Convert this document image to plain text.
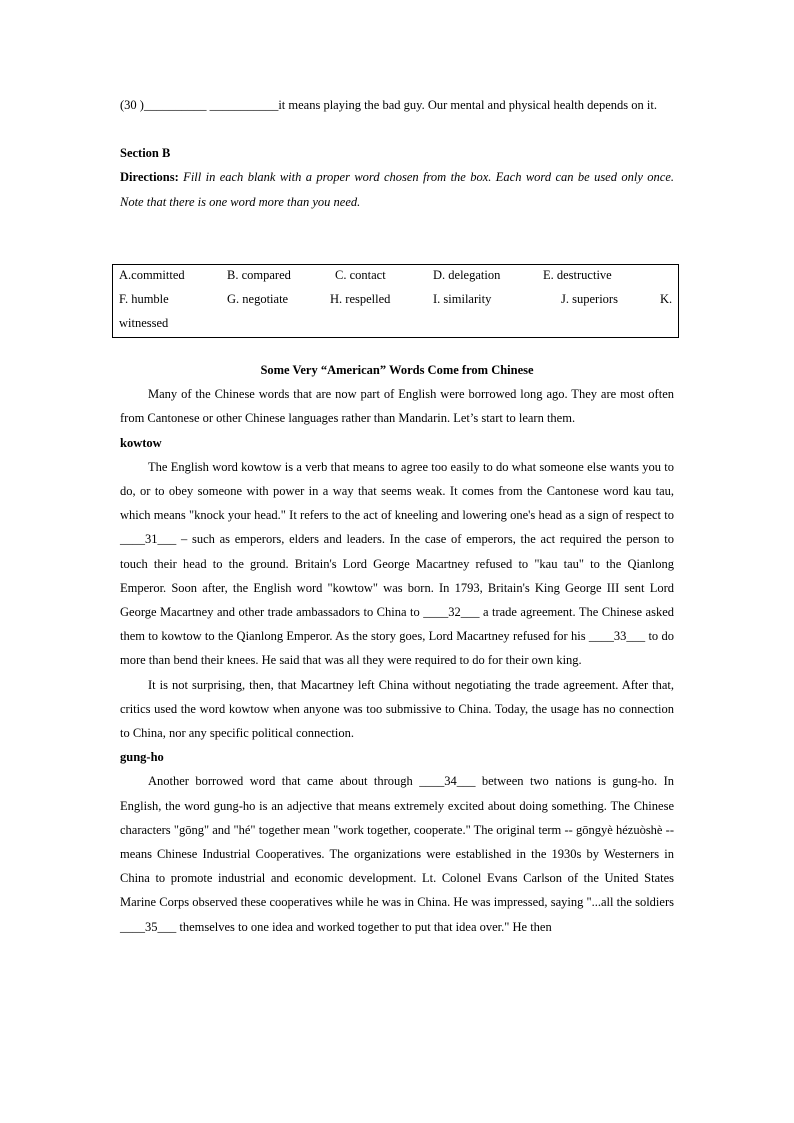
(30 )__________ ___________it means playing the bad guy. Our mental and physical health depends on it.

Section B

Directions: Fill in each blank with a proper word chosen from the box. Each word can be used only once. Note that there is one word more than you need.

A.committed	B. compared	C. contact	D. delegation	E. destructive
F. humble	G. negotiate	H. respelled	I. similarity	J. superiors	K.
witnessed

Some Very “American” Words Come from Chinese

Many of the Chinese words that are now part of English were borrowed long ago. They are most often from Cantonese or other Chinese languages rather than Mandarin. Let’s start to learn them.

kowtow

The English word kowtow is a verb that means to agree too easily to do what someone else wants you to do, or to obey someone with power in a way that seems weak. It comes from the Cantonese word kau tau, which means "knock your head." It refers to the act of kneeling and lowering one's head as a sign of respect to ____31___ – such as emperors, elders and leaders. In the case of emperors, the act required the person to touch their head to the ground. Britain's Lord George Macartney refused to "kau tau" to the Qianlong Emperor. Soon after, the English word "kowtow" was born. In 1793, Britain's King George III sent Lord George Macartney and other trade ambassadors to China to ____32___ a trade agreement. The Chinese asked them to kowtow to the Qianlong Emperor. As the story goes, Lord Macartney refused for his ____33___ to do more than bend their knees. He said that was all they were required to do for their own king.

It is not surprising, then, that Macartney left China without negotiating the trade agreement. After that, critics used the word kowtow when anyone was too submissive to China. Today, the usage has no connection to China, nor any specific political connection.

gung-ho

Another borrowed word that came about through ____34___ between two nations is gung-ho. In English, the word gung-ho is an adjective that means extremely excited about doing something. The Chinese characters "gōng" and "hé" together mean "work together, cooperate." The original term -- gōngyè hézuòshè -- means Chinese Industrial Cooperatives. The organizations were established in the 1930s by Westerners in China to promote industrial and economic development. Lt. Colonel Evans Carlson of the United States Marine Corps observed these cooperatives while he was in China. He was impressed, saying "...all the soldiers ____35___ themselves to one idea and worked together to put that idea over." He then
